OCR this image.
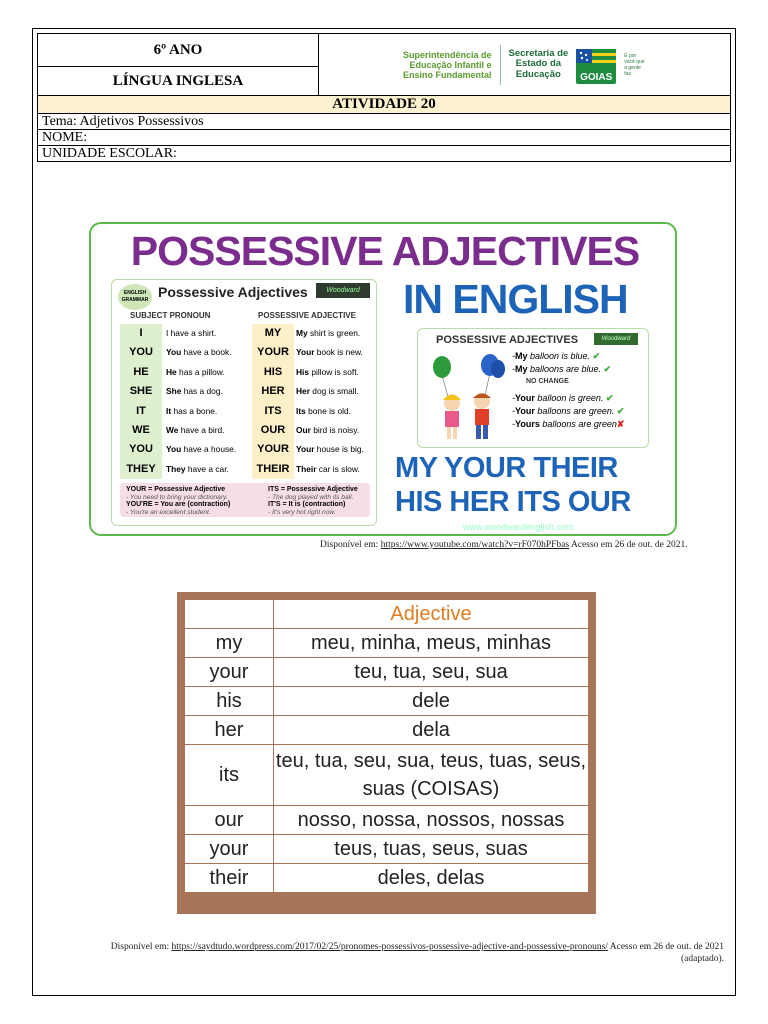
6º ANO	Superintendência de
Educação Infantil e
Ensino Fundamental
Secretaria de
Estado da
Educação	GOIAS
É por você que a gente faz

LÍNGUA INGLESA
ATIVIDADE 20
Tema: Adjetivos Possessivos
NOME:
UNIDADE ESCOLAR:
POSSESSIVE ADJECTIVES
IN ENGLISH
ENGLISH GRAMMAR Possessive Adjectives	Woodward
SUBJECT PRONOUN	POSSESSIVE ADJECTIVE
I	I have a shirt.	MY	My shirt is green.
YOU	You have a book.	YOUR Your book is new.
HE	He has a pillow.	HIS	His pillow is soft.
SHE	She has a dog.	HER	Her dog is small.
IT	It has a bone.	ITS	Its bone is old.
WE	We have a bird.	OUR	Our bird is noisy.
YOU	You have a house.	YOUR Your house is big.
THEY	They have a car.	THEIR Their car is slow.
YOUR = Possessive Adjective
- You need to bring your dictionary.
YOU'RE = You are (contraction)
- You're an excellent student.
ITS = Possessive Adjective
- The dog played with its ball.
IT'S = It is (contraction)
- It's very hot right now.
POSSESSIVE ADJECTIVES	Woodward
-My balloon is blue. ✔
-My balloons are blue. ✔
NO CHANGE
-Your balloon is green. ✔
-Your balloons are green. ✔
-Yours balloons are green✘
MY YOUR THEIR
HIS HER ITS OUR
www.woodwardenglish.com
Disponível em: https://www.youtube.com/watch?v=rF070hPFbas Acesso em 26 de out. de 2021.
	Adjective
my	meu, minha, meus, minhas
your	teu, tua, seu, sua
his	dele
her	dela
its	teu, tua, seu, sua, teus, tuas, seus, suas (COISAS)
our	nosso, nossa, nossos, nossas
your	teus, tuas, seus, suas
their	deles, delas
Disponível em: https://saydtudo.wordpress.com/2017/02/25/pronomes-possessivos-possessive-adjective-and-possessive-pronouns/ Acesso em 26 de out. de 2021
(adaptado).
